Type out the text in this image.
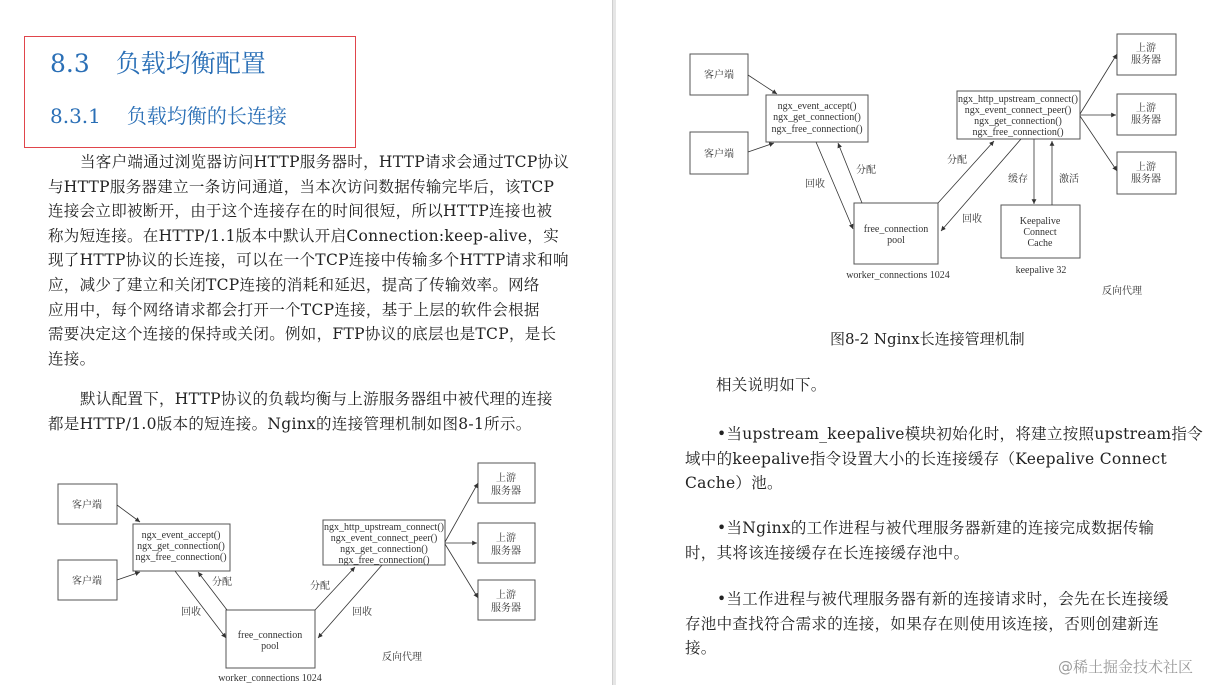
8.3 负载均衡配置
8.3.1 负载均衡的长连接
当客户端通过浏览器访问HTTP服务器时，HTTP请求会通过TCP协议
与HTTP服务器建立一条访问通道，当本次访问数据传输完毕后，该TCP
连接会立即被断开，由于这个连接存在的时间很短，所以HTTP连接也被
称为短连接。在HTTP/1.1版本中默认开启Connection:keep-alive，实
现了HTTP协议的长连接，可以在一个TCP连接中传输多个HTTP请求和响
应，减少了建立和关闭TCP连接的消耗和延迟，提高了传输效率。网络
应用中，每个网络请求都会打开一个TCP连接，基于上层的软件会根据
需要决定这个连接的保持或关闭。例如，FTP协议的底层也是TCP，是长
连接。
默认配置下，HTTP协议的负载均衡与上游服务器组中被代理的连接
都是HTTP/1.0版本的短连接。Nginx的连接管理机制如图8-1所示。
客户端
客户端
ngx_event_accept()
ngx_get_connection()
ngx_free_connection()
free_connection
pool
worker_connections 1024
ngx_http_upstream_connect()
ngx_event_connect_peer()
ngx_get_connection()
ngx_free_connection()
上游
服务器
上游
服务器
上游
服务器
分配
回收
分配
回收
反向代理
客户端
客户端
ngx_event_accept()
ngx_get_connection()
ngx_free_connection()
free_connection
pool
worker_connections 1024
ngx_http_upstream_connect()
ngx_event_connect_peer()
ngx_get_connection()
ngx_free_connection()
Keepalive
Connect
Cache
keepalive 32
上游
服务器
上游
服务器
上游
服务器
分配
回收
分配
回收
缓存	激活
反向代理
图8-2 Nginx长连接管理机制
相关说明如下。
•当upstream_keepalive模块初始化时，将建立按照upstream指令
域中的keepalive指令设置大小的长连接缓存（Keepalive Connect
Cache）池。
•当Nginx的工作进程与被代理服务器新建的连接完成数据传输
时，其将该连接缓存在长连接缓存池中。
•当工作进程与被代理服务器有新的连接请求时，会先在长连接缓
存池中查找符合需求的连接，如果存在则使用该连接，否则创建新连
接。
@稀土掘金技术社区
